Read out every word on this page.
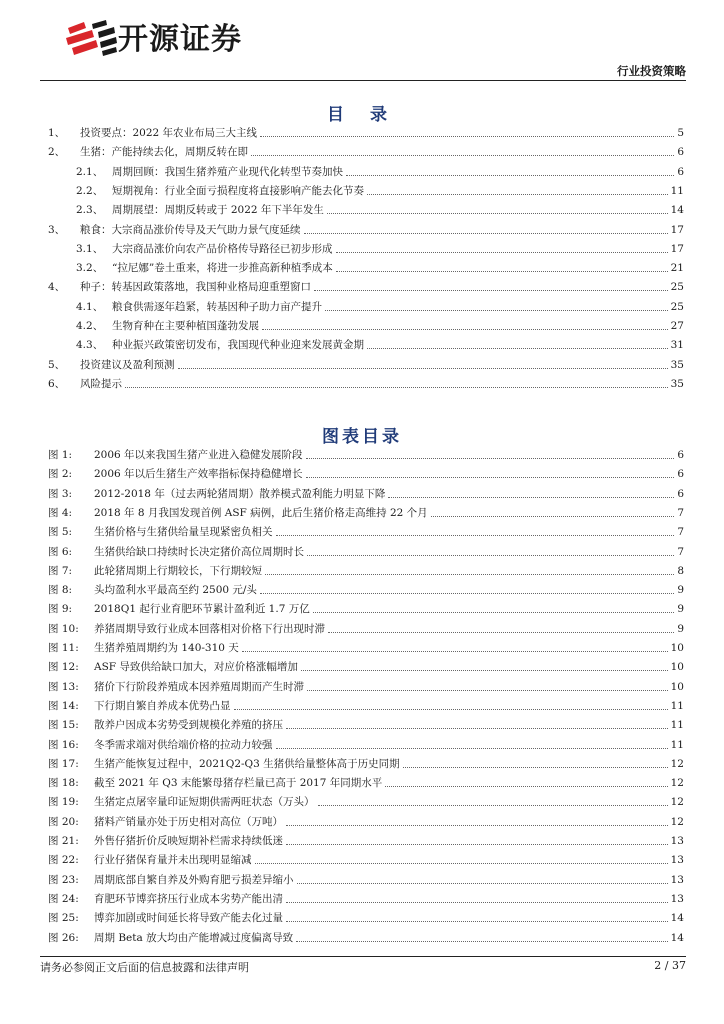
开源证券
行业投资策略
目 录
1、	投资要点：2022 年农业布局三大主线	5
2、	生猪：产能持续去化，周期反转在即	6
2.1、 周期回顾：我国生猪养殖产业现代化转型节奏加快	6
2.2、 短期视角：行业全面亏损程度将直接影响产能去化节奏	11
2.3、 周期展望：周期反转或于 2022 年下半年发生	14
3、	粮食：大宗商品涨价传导及天气助力景气度延续	17
3.1、 大宗商品涨价向农产品价格传导路径已初步形成	17
3.2、 “拉尼娜”卷土重来，将进一步推高新种植季成本	21
4、	种子：转基因政策落地，我国种业格局迎重塑窗口	25
4.1、 粮食供需逐年趋紧，转基因种子助力亩产提升	25
4.2、 生物育种在主要种植国蓬勃发展	27
4.3、 种业振兴政策密切发布，我国现代种业迎来发展黄金期	31
5、	投资建议及盈利预测	35
6、	风险提示	35
图表目录
图 1:	2006 年以来我国生猪产业进入稳健发展阶段	6
图 2:	2006 年以后生猪生产效率指标保持稳健增长	6
图 3:	2012-2018 年（过去两轮猪周期）散养模式盈利能力明显下降	6
图 4:	2018 年 8 月我国发现首例 ASF 病例，此后生猪价格走高维持 22 个月	7
图 5:	生猪价格与生猪供给量呈现紧密负相关	7
图 6:	生猪供给缺口持续时长决定猪价高位周期时长	7
图 7:	此轮猪周期上行期较长，下行期较短	8
图 8:	头均盈利水平最高至约 2500 元/头	9
图 9:	2018Q1 起行业育肥环节累计盈利近 1.7 万亿	9
图 10:	养猪周期导致行业成本回落相对价格下行出现时滞	9
图 11:	生猪养殖周期约为 140-310 天	10
图 12:	ASF 导致供给缺口加大，对应价格涨幅增加	10
图 13:	猪价下行阶段养殖成本因养殖周期而产生时滞	10
图 14:	下行期自繁自养成本优势凸显	11
图 15:	散养户因成本劣势受到规模化养殖的挤压	11
图 16:	冬季需求端对供给端价格的拉动力较强	11
图 17:	生猪产能恢复过程中，2021Q2-Q3 生猪供给量整体高于历史同期	12
图 18:	截至 2021 年 Q3 末能繁母猪存栏量已高于 2017 年同期水平	12
图 19:	生猪定点屠宰量印证短期供需两旺状态（万头）	12
图 20:	猪料产销量亦处于历史相对高位（万吨）	12
图 21:	外售仔猪折价反映短期补栏需求持续低迷	13
图 22:	行业仔猪保育量并未出现明显缩减	13
图 23:	周期底部自繁自养及外购育肥亏损差异缩小	13
图 24:	育肥环节博弈挤压行业成本劣势产能出清	13
图 25:	博弈加剧或时间延长将导致产能去化过量	14
图 26:	周期 Beta 放大均由产能增减过度偏离导致	14
请务必参阅正文后面的信息披露和法律声明	2 / 37
